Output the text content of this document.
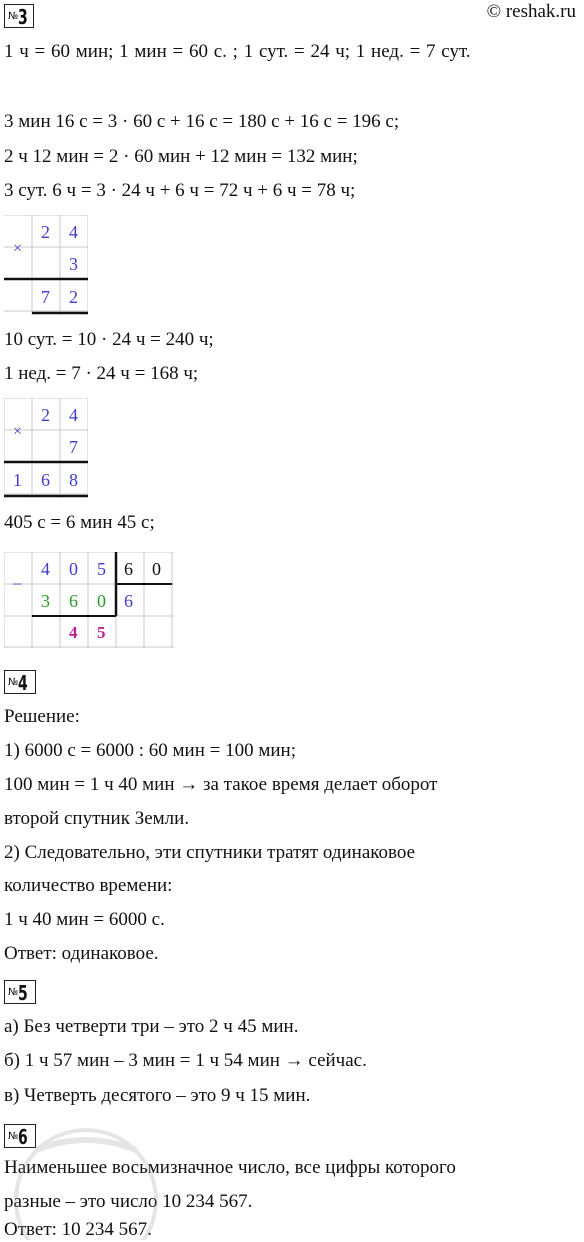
№ 3	© reshak.ru
1 ч = 60 мин; 1 мин = 60 с. ; 1 сут. = 24 ч; 1 нед. = 7 сут.
3 мин 16 с = 3 · 60 с + 16 с = 180 с + 16 с = 196 с;
2 ч 12 мин = 2 · 60 мин + 12 мин = 132 мин;
3 сут. 6 ч = 3 · 24 ч + 6 ч = 72 ч + 6 ч = 78 ч;
×
2 4
3
7 2
10 сут. = 10 · 24 ч = 240 ч;
1 нед. = 7 · 24 ч = 168 ч;
×
2 4
7
1 6 8
405 с = 6 мин 45 с;
−
4 0 5 6 0
3 6 0 6
4 5
№ 4
Решение:
1) 6000 с = 6000 : 60 мин = 100 мин;
100 мин = 1 ч 40 мин → за такое время делает оборот
второй спутник Земли.
2) Следовательно, эти спутники тратят одинаковое
количество времени:
1 ч 40 мин = 6000 с.
Ответ: одинаковое.
№ 5
а) Без четверти три – это 2 ч 45 мин.
б) 1 ч 57 мин – 3 мин = 1 ч 54 мин → сейчас.
в) Четверть десятого – это 9 ч 15 мин.
№ 6
Наименьшее восьмизначное число, все цифры которого
разные – это число 10 234 567.
Ответ: 10 234 567.
